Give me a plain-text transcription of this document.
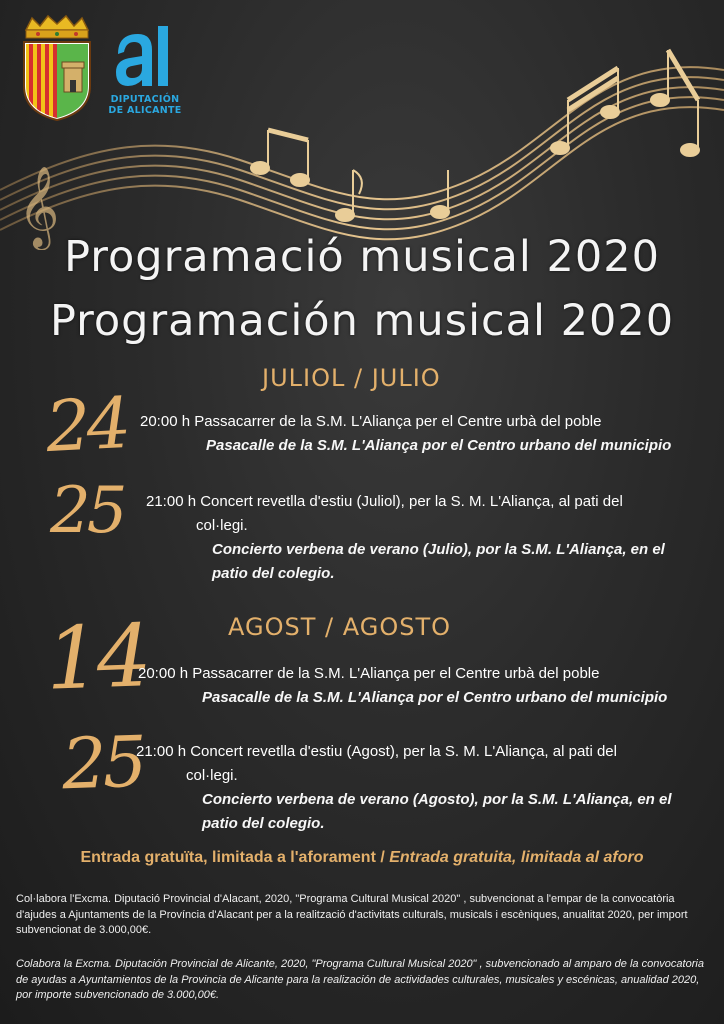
DIPUTACIÓN
DE ALICANTE
𝄞
Programació musical 2020
Programación musical 2020
JULIOL / JULIO
24 20:00 h Passacarrer de la S.M. L'Aliança per el Centre urbà del poble
Pasacalle de la S.M. L'Aliança por el Centro urbano del municipio
25 21:00 h Concert revetlla d'estiu (Juliol), per la S. M. L'Aliança, al pati del
col·legi.
Concierto verbena de verano (Julio), por la S.M. L'Aliança, en el
patio del colegio.
AGOST / AGOSTO
14
20:00 h Passacarrer de la S.M. L'Aliança per el Centre urbà del poble
Pasacalle de la S.M. L'Aliança por el Centro urbano del municipio
25
21:00 h Concert revetlla d'estiu (Agost), per la S. M. L'Aliança, al pati del
col·legi.
Concierto verbena de verano (Agosto), por la S.M. L'Aliança, en el
patio del colegio.
Entrada gratuïta, limitada a l'aforament / Entrada gratuita, limitada al aforo
Col·labora l'Excma. Diputació Provincial d'Alacant, 2020, "Programa Cultural Musical 2020" , subvencionat a l'empar de la convocatòria d'ajudes a Ajuntaments de la Província d'Alacant per a la realització d'activitats culturals, musicals i escèniques, anualitat 2020, per import subvencionat de 3.000,00€.
Colabora la Excma. Diputación Provincial de Alicante, 2020, "Programa Cultural Musical 2020" , subvencionado al amparo de la convocatoria de ayudas a Ayuntamientos de la Provincia de Alicante para la realización de actividades culturales, musicales y escénicas, anualidad 2020, por importe subvencionado de 3.000,00€.
